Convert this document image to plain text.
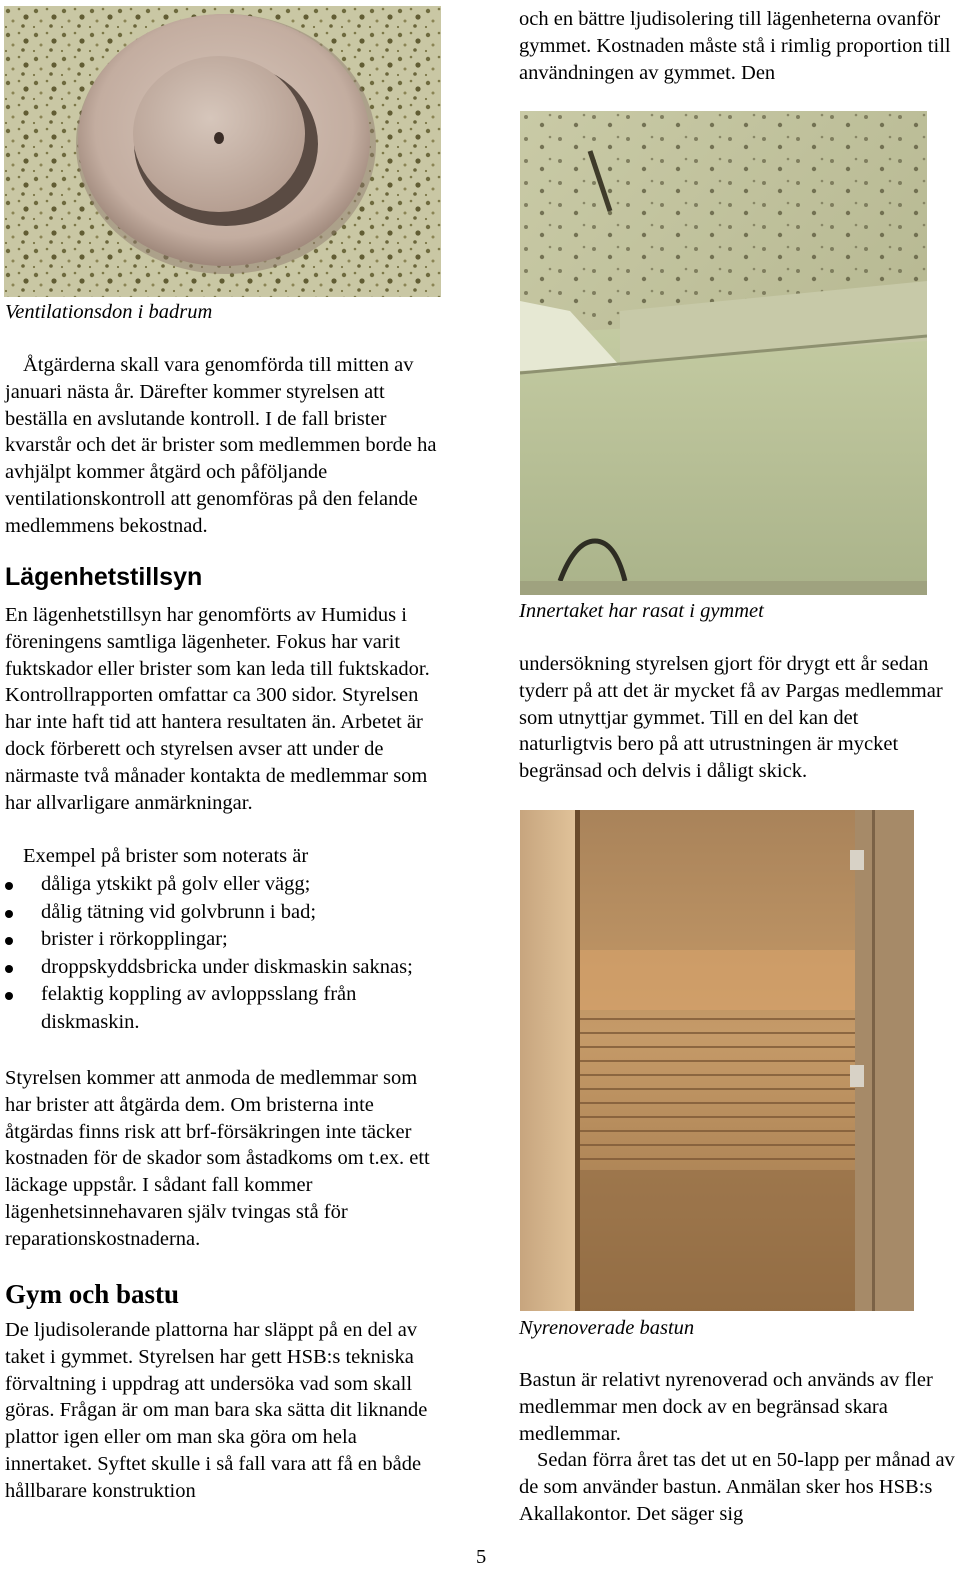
Ventilationsdon i badrum

Åtgärderna skall vara genomförda till mitten av januari nästa år. Därefter kommer styrelsen att beställa en avslutande kontroll. I de fall brister kvarstår och det är brister som medlemmen borde ha avhjälpt kommer åtgärd och påföljande ventilationskontroll att genomföras på den felande medlemmens bekostnad.

Lägenhetstillsyn

En lägenhetstillsyn har genomförts av Humidus i föreningens samtliga lägenheter. Fokus har varit fuktskador eller brister som kan leda till fuktskador. Kontrollrapporten omfattar ca 300 sidor. Styrelsen har inte haft tid att hantera resultaten än. Arbetet är dock förberett och styrelsen avser att under de närmaste två månader kontakta de medlemmar som har allvarligare anmärkningar.

Exempel på brister som noterats är
dåliga ytskikt på golv eller vägg;
dålig tätning vid golvbrunn i bad;
brister i rörkopplingar;
droppskyddsbricka under diskmaskin saknas;
felaktig koppling av avloppsslang från diskmaskin.

Styrelsen kommer att anmoda de medlemmar som har brister att åtgärda dem. Om bristerna inte åtgärdas finns risk att brf-försäkringen inte täcker kostnaden för de skador som åstadkoms om t.ex. ett läckage uppstår. I sådant fall kommer lägenhetsinnehavaren själv tvingas stå för reparationskostnaderna.

Gym och bastu

De ljudisolerande plattorna har släppt på en del av taket i gymmet. Styrelsen har gett HSB:s tekniska förvaltning i uppdrag att undersöka vad som skall göras. Frågan är om man bara ska sätta dit liknande plattor igen eller om man ska göra om hela innertaket. Syftet skulle i så fall vara att få en både hållbarare konstruktion

och en bättre ljudisolering till lägenheterna ovanför gymmet. Kostnaden måste stå i rimlig proportion till användningen av gymmet. Den

Innertaket har rasat i gymmet

undersökning styrelsen gjort för drygt ett år sedan tyderr på att det är mycket få av Pargas medlemmar som utnyttjar gymmet. Till en del kan det naturligtvis bero på att utrustningen är mycket begränsad och delvis i dåligt skick.

Nyrenoverade bastun

Bastun är relativt nyrenoverad och används av fler medlemmar men dock av en begränsad skara medlemmar.

Sedan förra året tas det ut en 50-lapp per månad av de som använder bastun. Anmälan sker hos HSB:s Akallakontor. Det säger sig

5
